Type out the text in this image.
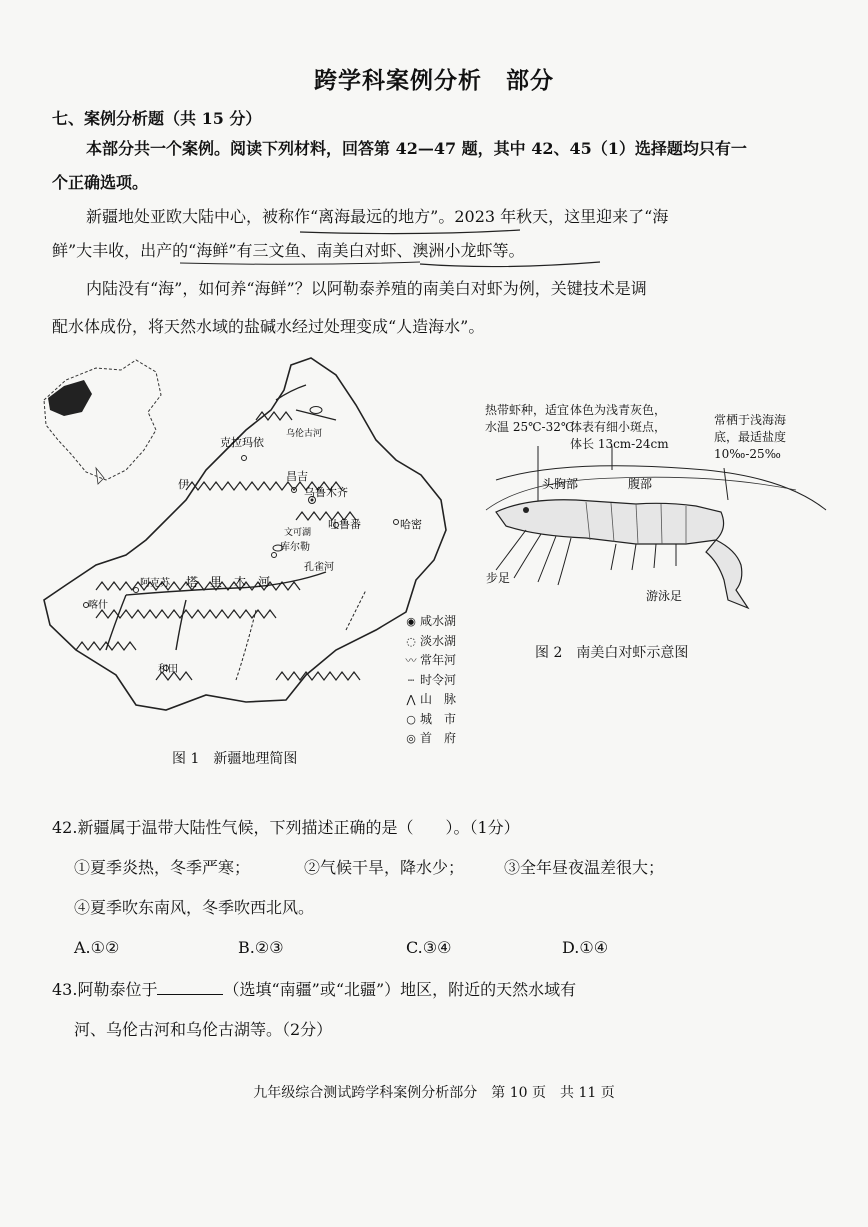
跨学科案例分析　部分
七、案例分析题（共 15 分）
本部分共一个案例。阅读下列材料，回答第 42—47 题，其中 42、45（1）选择题均只有一
个正确选项。
新疆地处亚欧大陆中心，被称作“离海最远的地方”。2023 年秋天，这里迎来了“海
鲜”大丰收，出产的“海鲜”有三文鱼、南美白对虾、澳洲小龙虾等。
内陆没有“海”，如何养“海鲜”？以阿勒泰养殖的南美白对虾为例，关键技术是调
配水体成份，将天然水域的盐碱水经过处理变成“人造海水”。
克拉玛依
昌吉
乌鲁木齐
吐鲁番	哈密
文可湖
库尔勒
孔雀河
阿克苏
喀什
和田
塔　里　木　河
伊
乌伦古河
◉ 咸水湖
◌ 淡水湖
〰 常年河
┄ 时令河
⋀ 山　脉
○ 城　市
◎ 首　府
图 1　新疆地理简图
热带虾种，适宜
水温 25℃-32℃
体色为浅青灰色，
体表有细小斑点，
体长 13cm-24cm
常栖于浅海海
底，最适盐度
10‰-25‰
头胸部	腹部
步足
游泳足
图 2　南美白对虾示意图
42.新疆属于温带大陆性气候，下列描述正确的是（　　）。（1分）
①夏季炎热，冬季严寒；	②气候干旱，降水少； ③全年昼夜温差很大；
④夏季吹东南风，冬季吹西北风。
A.①②	B.②③	C.③④	D.①④
43.阿勒泰位于	（选填“南疆”或“北疆”）地区，附近的天然水域有
河、乌伦古河和乌伦古湖等。（2分）
九年级综合测试跨学科案例分析部分　第 10 页　共 11 页
